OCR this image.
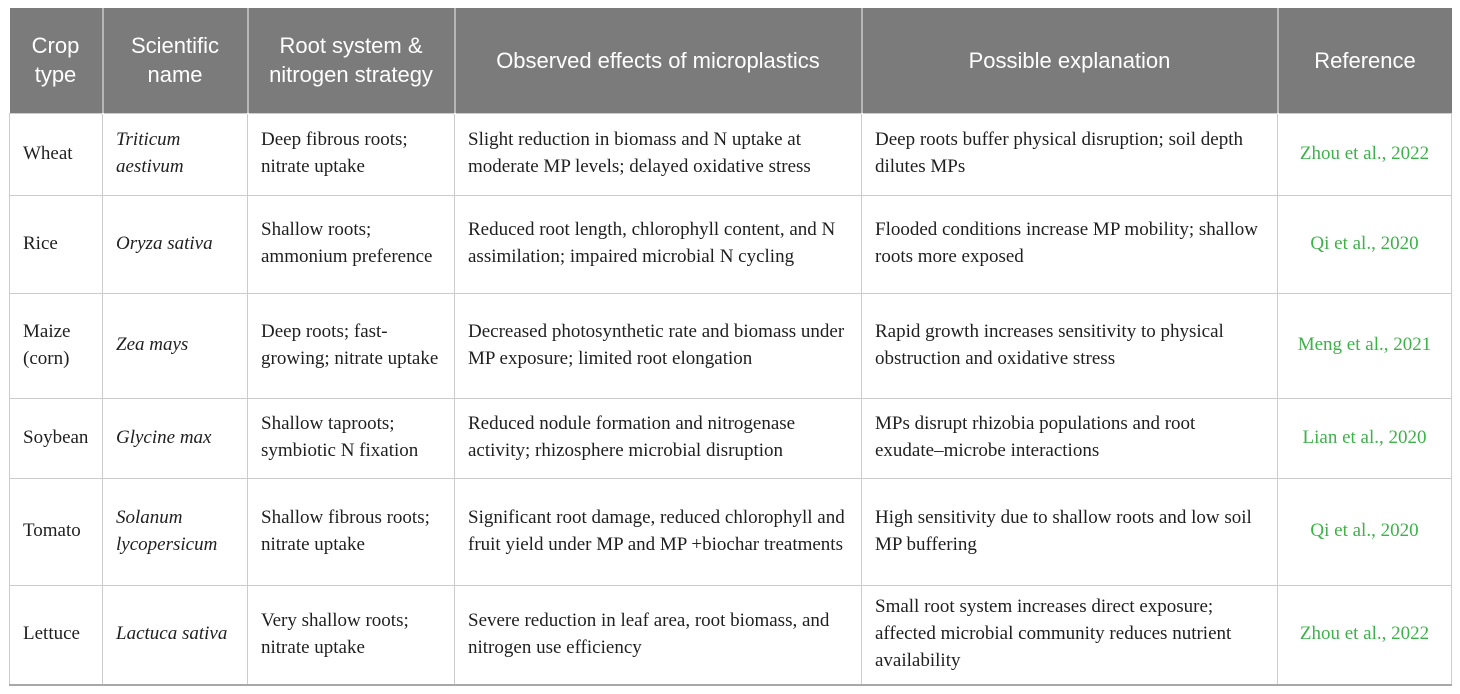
Crop type	Scientific name	Root system & nitrogen strategy	Observed effects of microplastics	Possible explanation	Reference
Wheat	Triticum aestivum	Deep fibrous roots; nitrate uptake	Slight reduction in biomass and N uptake at moderate MP levels; delayed oxidative stress	Deep roots buffer physical disruption; soil depth dilutes MPs	Zhou et al., 2022
Rice	Oryza sativa	Shallow roots; ammonium preference	Reduced root length, chlorophyll content, and N assimilation; impaired microbial N cycling	Flooded conditions increase MP mobility; shallow roots more exposed	Qi et al., 2020
Maize (corn)	Zea mays	Deep roots; fast-growing; nitrate uptake	Decreased photosynthetic rate and biomass under MP exposure; limited root elongation	Rapid growth increases sensitivity to physical obstruction and oxidative stress	Meng et al., 2021
Soybean	Glycine max	Shallow taproots; symbiotic N fixation	Reduced nodule formation and nitrogenase activity; rhizosphere microbial disruption	MPs disrupt rhizobia populations and root exudate–microbe interactions	Lian et al., 2020
Tomato	Solanum lycopersicum	Shallow fibrous roots; nitrate uptake	Significant root damage, reduced chlorophyll and fruit yield under MP and MP +biochar treatments	High sensitivity due to shallow roots and low soil MP buffering	Qi et al., 2020
Lettuce	Lactuca sativa	Very shallow roots; nitrate uptake	Severe reduction in leaf area, root biomass, and nitrogen use efficiency	Small root system increases direct exposure; affected microbial community reduces nutrient availability	Zhou et al., 2022
